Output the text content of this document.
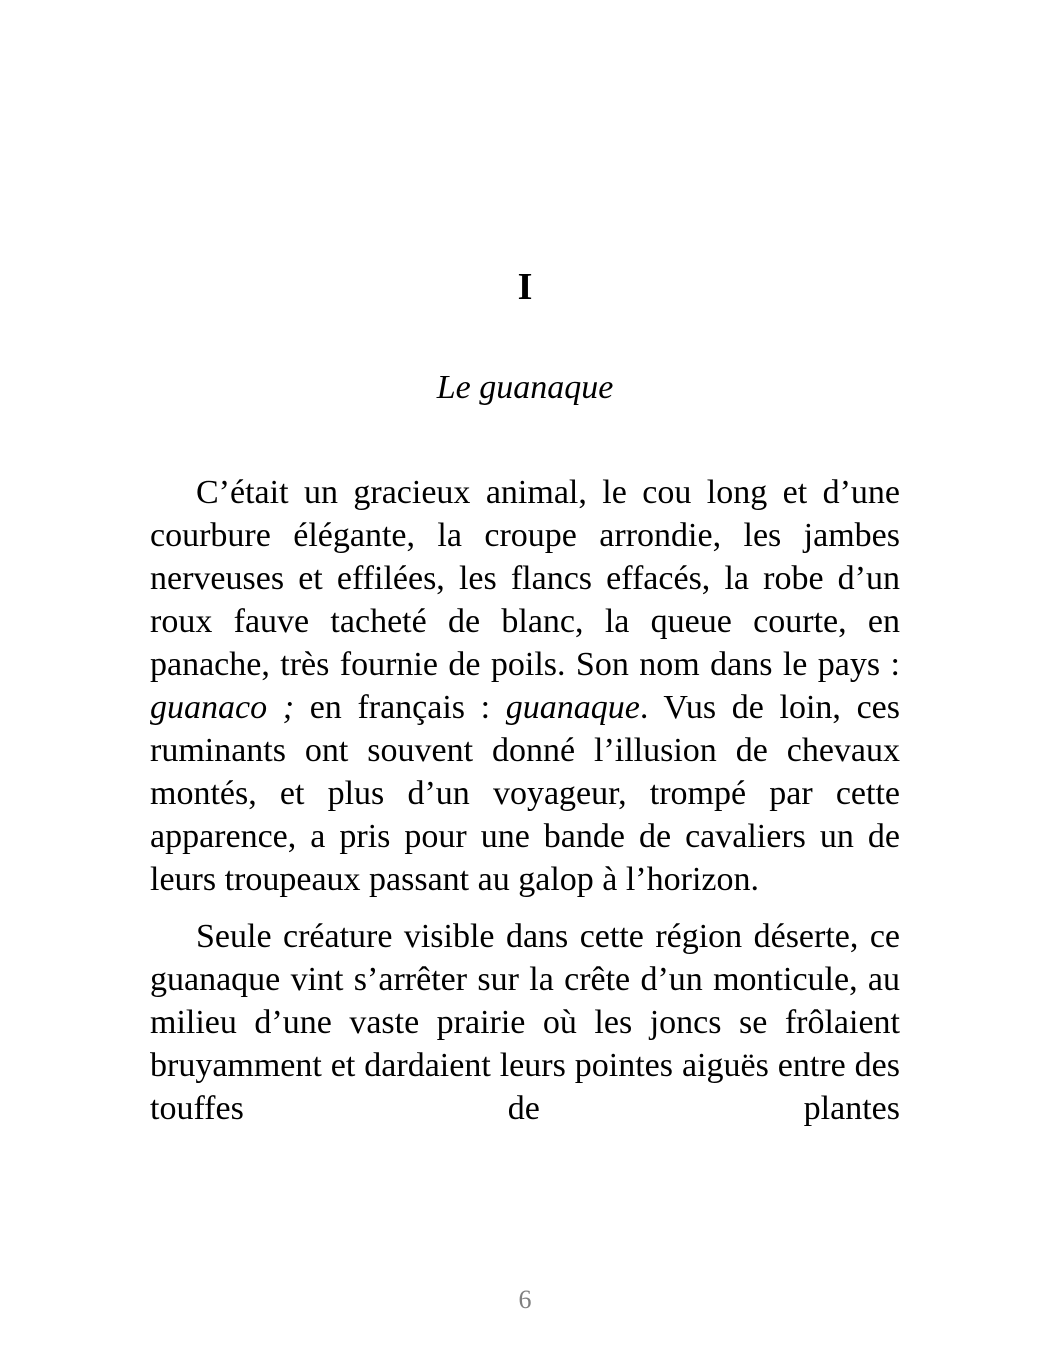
I
Le guanaque

C’était un gracieux animal, le cou long et d’une courbure élégante, la croupe arrondie, les jambes nerveuses et effilées, les flancs effacés, la robe d’un roux fauve tacheté de blanc, la queue courte, en panache, très fournie de poils. Son nom dans le pays : guanaco ; en français : guanaque. Vus de loin, ces ruminants ont souvent donné l’illusion de chevaux montés, et plus d’un voyageur, trompé par cette apparence, a pris pour une bande de cavaliers un de leurs troupeaux passant au galop à l’horizon.

Seule créature visible dans cette région déserte, ce guanaque vint s’arrêter sur la crête d’un monticule, au milieu d’une vaste prairie où les joncs se frôlaient bruyamment et dardaient leurs pointes aiguës entre des touffes de plantes

6
